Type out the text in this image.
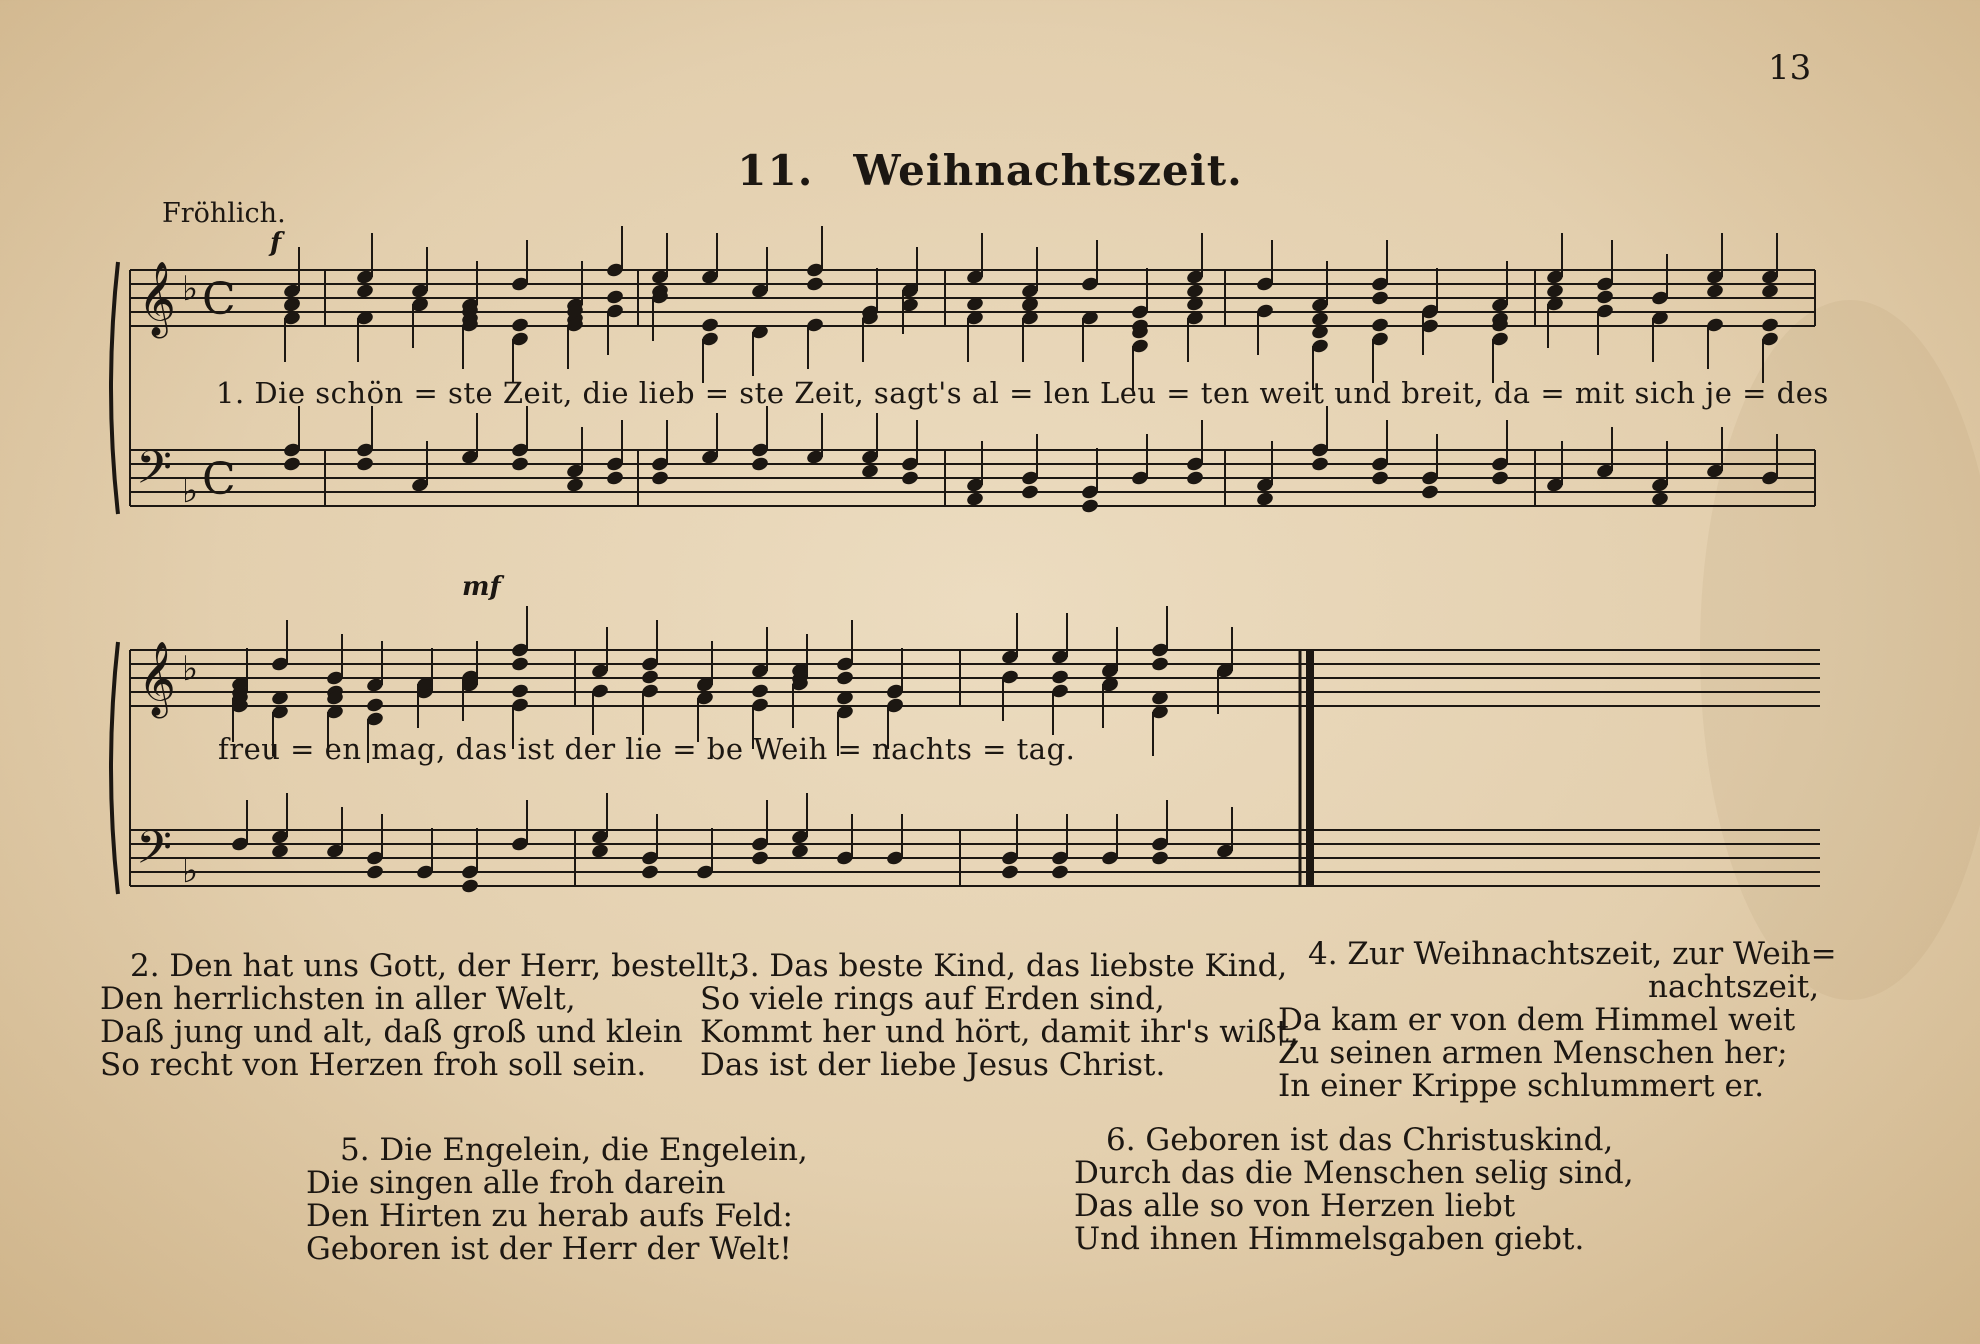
13
11. Weihnachtszeit.
Fröhlich.
f
mf
𝄞
𝄢
♭
♭
C
C
𝄞
𝄢
♭
♭
1. Die schön = ste Zeit, die lieb = ste Zeit, sagt's al = len Leu = ten weit und breit, da = mit sich je = des
freu = en mag, das ist der lie = be Weih = nachts = tag.
2. Den hat uns Gott, der Herr, bestellt,
Den herrlichsten in aller Welt,
Daß jung und alt, daß groß und klein
So recht von Herzen froh soll sein.
3. Das beste Kind, das liebste Kind,
So viele rings auf Erden sind,
Kommt her und hört, damit ihr's wißt,
Das ist der liebe Jesus Christ.
4. Zur Weihnachtszeit, zur Weih=
nachtszeit,
Da kam er von dem Himmel weit
Zu seinen armen Menschen her;
In einer Krippe schlummert er.
5. Die Engelein, die Engelein,
Die singen alle froh darein
Den Hirten zu herab aufs Feld:
Geboren ist der Herr der Welt!
6. Geboren ist das Christuskind,
Durch das die Menschen selig sind,
Das alle so von Herzen liebt
Und ihnen Himmelsgaben giebt.
